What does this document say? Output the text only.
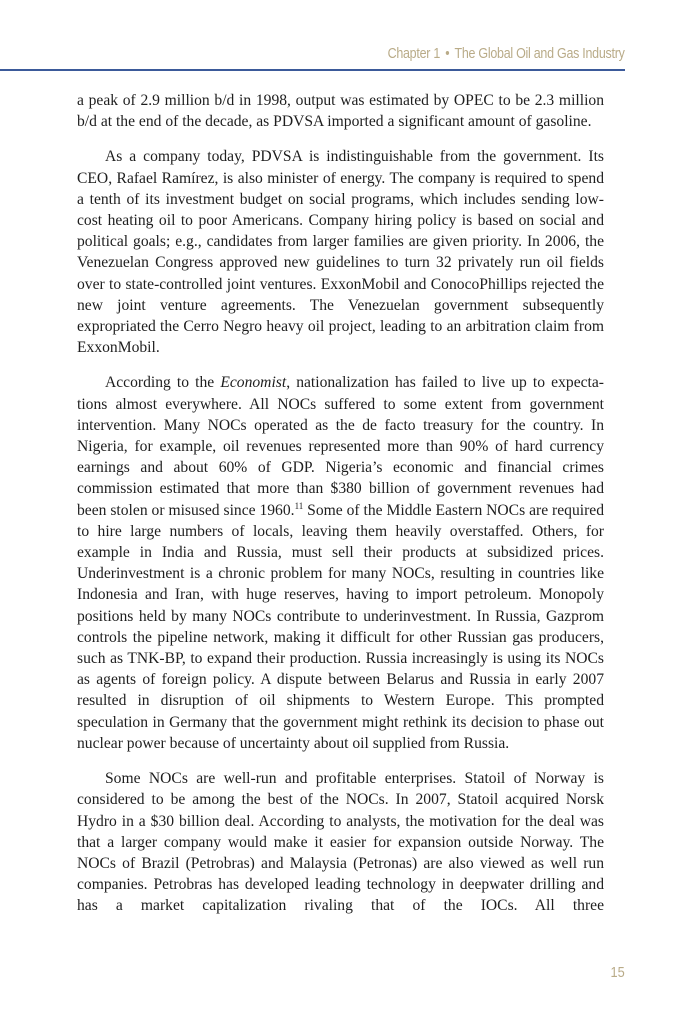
Chapter 1 • The Global Oil and Gas Industry

a peak of 2.9 million b/d in 1998, output was estimated by OPEC to be 2.3 million b/d at the end of the decade, as PDVSA imported a significant amount of gasoline.

As a company today, PDVSA is indistinguishable from the government. Its CEO, Rafael Ramírez, is also minister of energy. The company is required to spend a tenth of its investment budget on social programs, which includes sending low-cost heating oil to poor Americans. Company hiring policy is based on social and political goals; e.g., candidates from larger families are given priority. In 2006, the Venezuelan Congress approved new guidelines to turn 32 privately run oil fields over to state-controlled joint ventures. ExxonMobil and ConocoPhillips rejected the new joint venture agreements. The Venezuelan government subsequently expropriated the Cerro Negro heavy oil project, leading to an arbitration claim from ExxonMobil.

According to the Economist, nationalization has failed to live up to expectations almost everywhere. All NOCs suffered to some extent from government intervention. Many NOCs operated as the de facto treasury for the country. In Nigeria, for example, oil revenues represented more than 90% of hard currency earnings and about 60% of GDP. Nigeria’s economic and financial crimes commission estimated that more than $380 billion of government revenues had been stolen or misused since 1960.11 Some of the Middle Eastern NOCs are required to hire large numbers of locals, leaving them heavily overstaffed. Others, for example in India and Russia, must sell their products at subsidized prices. Underinvestment is a chronic problem for many NOCs, resulting in countries like Indonesia and Iran, with huge reserves, having to import petroleum. Monopoly positions held by many NOCs contribute to underinvestment. In Russia, Gazprom controls the pipeline network, making it difficult for other Russian gas producers, such as TNK-BP, to expand their production. Russia increasingly is using its NOCs as agents of foreign policy. A dispute between Belarus and Russia in early 2007 resulted in disruption of oil shipments to Western Europe. This prompted speculation in Germany that the government might rethink its decision to phase out nuclear power because of uncertainty about oil supplied from Russia.

Some NOCs are well-run and profitable enterprises. Statoil of Norway is considered to be among the best of the NOCs. In 2007, Statoil acquired Norsk Hydro in a $30 billion deal. According to analysts, the motivation for the deal was that a larger company would make it easier for expansion outside Norway. The NOCs of Brazil (Petrobras) and Malaysia (Petronas) are also viewed as well run companies. Petrobras has developed leading technology in deepwater drilling and has a market capitalization rivaling that of the IOCs. All three

15
